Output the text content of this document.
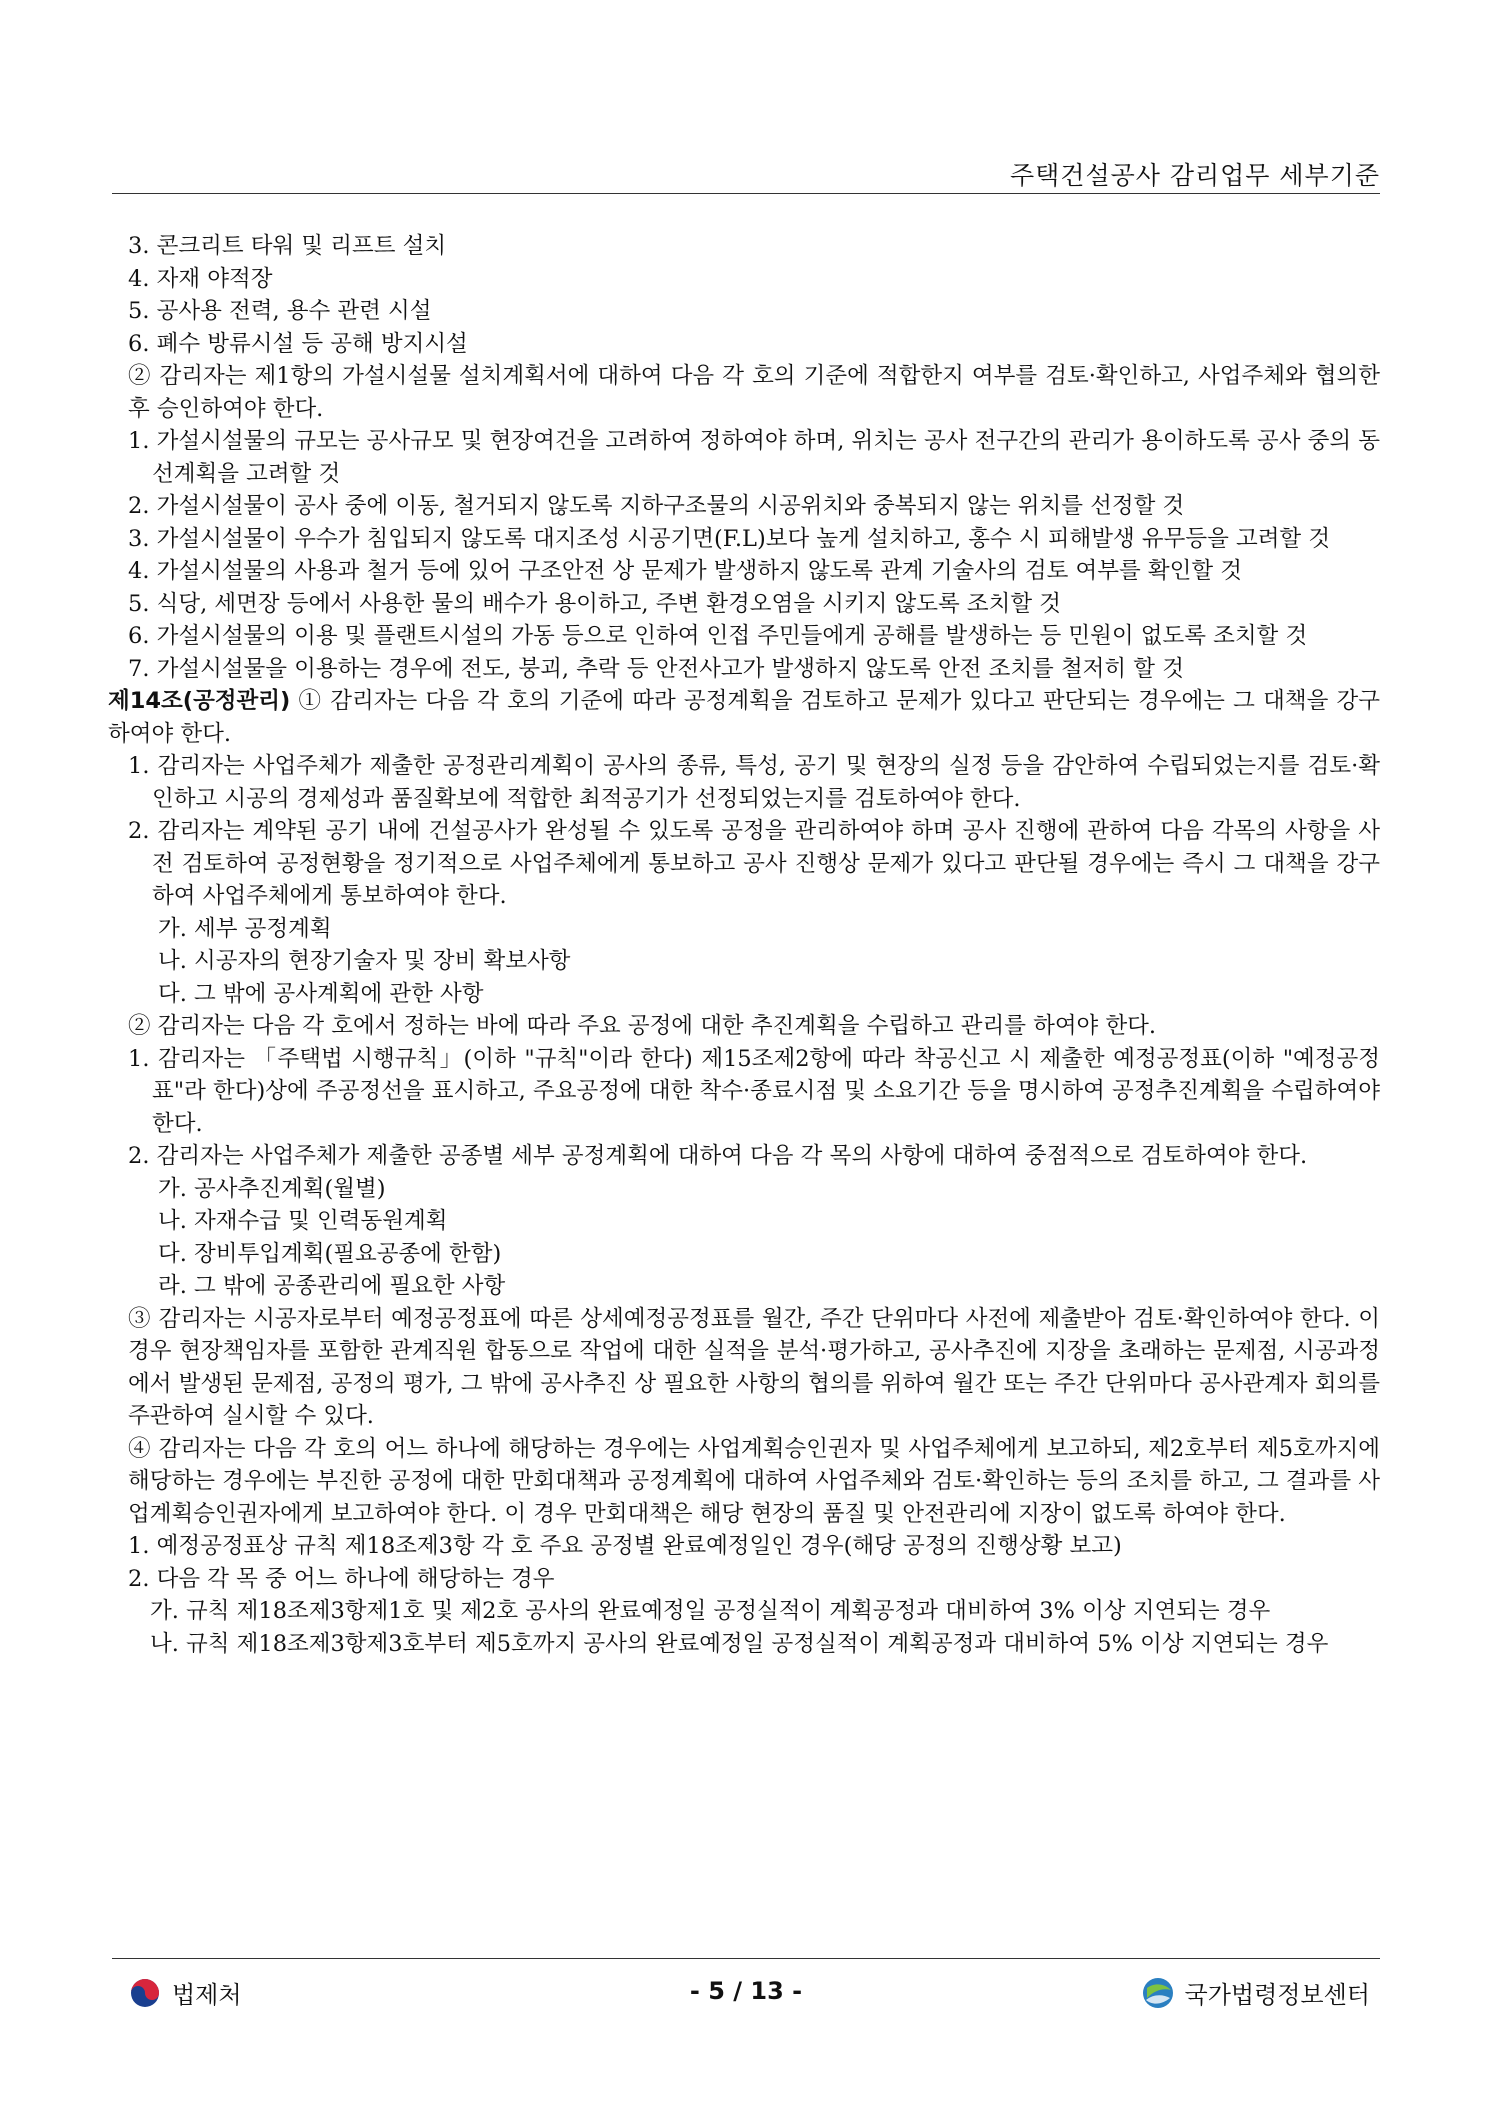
주택건설공사 감리업무 세부기준

3. 콘크리트 타워 및 리프트 설치

4. 자재 야적장

5. 공사용 전력, 용수 관련 시설

6. 폐수 방류시설 등 공해 방지시설

② 감리자는 제1항의 가설시설물 설치계획서에 대하여 다음 각 호의 기준에 적합한지 여부를 검토·확인하고, 사업주체와 협의한 후 승인하여야 한다.

1. 가설시설물의 규모는 공사규모 및 현장여건을 고려하여 정하여야 하며, 위치는 공사 전구간의 관리가 용이하도록 공사 중의 동선계획을 고려할 것

2. 가설시설물이 공사 중에 이동, 철거되지 않도록 지하구조물의 시공위치와 중복되지 않는 위치를 선정할 것

3. 가설시설물이 우수가 침입되지 않도록 대지조성 시공기면(F.L)보다 높게 설치하고, 홍수 시 피해발생 유무등을 고려할 것

4. 가설시설물의 사용과 철거 등에 있어 구조안전 상 문제가 발생하지 않도록 관계 기술사의 검토 여부를 확인할 것

5. 식당, 세면장 등에서 사용한 물의 배수가 용이하고, 주변 환경오염을 시키지 않도록 조치할 것

6. 가설시설물의 이용 및 플랜트시설의 가동 등으로 인하여 인접 주민들에게 공해를 발생하는 등 민원이 없도록 조치할 것

7. 가설시설물을 이용하는 경우에 전도, 붕괴, 추락 등 안전사고가 발생하지 않도록 안전 조치를 철저히 할 것

제14조(공정관리) ① 감리자는 다음 각 호의 기준에 따라 공정계획을 검토하고 문제가 있다고 판단되는 경우에는 그 대책을 강구하여야 한다.

1. 감리자는 사업주체가 제출한 공정관리계획이 공사의 종류, 특성, 공기 및 현장의 실정 등을 감안하여 수립되었는지를 검토·확인하고 시공의 경제성과 품질확보에 적합한 최적공기가 선정되었는지를 검토하여야 한다.

2. 감리자는 계약된 공기 내에 건설공사가 완성될 수 있도록 공정을 관리하여야 하며 공사 진행에 관하여 다음 각목의 사항을 사전 검토하여 공정현황을 정기적으로 사업주체에게 통보하고 공사 진행상 문제가 있다고 판단될 경우에는 즉시 그 대책을 강구하여 사업주체에게 통보하여야 한다.

가. 세부 공정계획

나. 시공자의 현장기술자 및 장비 확보사항

다. 그 밖에 공사계획에 관한 사항

② 감리자는 다음 각 호에서 정하는 바에 따라 주요 공정에 대한 추진계획을 수립하고 관리를 하여야 한다.

1. 감리자는 「주택법 시행규칙」(이하 "규칙"이라 한다) 제15조제2항에 따라 착공신고 시 제출한 예정공정표(이하 "예정공정표"라 한다)상에 주공정선을 표시하고, 주요공정에 대한 착수·종료시점 및 소요기간 등을 명시하여 공정추진계획을 수립하여야 한다.

2. 감리자는 사업주체가 제출한 공종별 세부 공정계획에 대하여 다음 각 목의 사항에 대하여 중점적으로 검토하여야 한다.

가. 공사추진계획(월별)

나. 자재수급 및 인력동원계획

다. 장비투입계획(필요공종에 한함)

라. 그 밖에 공종관리에 필요한 사항

③ 감리자는 시공자로부터 예정공정표에 따른 상세예정공정표를 월간, 주간 단위마다 사전에 제출받아 검토·확인하여야 한다. 이 경우 현장책임자를 포함한 관계직원 합동으로 작업에 대한 실적을 분석·평가하고, 공사추진에 지장을 초래하는 문제점, 시공과정에서 발생된 문제점, 공정의 평가, 그 밖에 공사추진 상 필요한 사항의 협의를 위하여 월간 또는 주간 단위마다 공사관계자 회의를 주관하여 실시할 수 있다.

④ 감리자는 다음 각 호의 어느 하나에 해당하는 경우에는 사업계획승인권자 및 사업주체에게 보고하되, 제2호부터 제5호까지에 해당하는 경우에는 부진한 공정에 대한 만회대책과 공정계획에 대하여 사업주체와 검토·확인하는 등의 조치를 하고, 그 결과를 사업계획승인권자에게 보고하여야 한다. 이 경우 만회대책은 해당 현장의 품질 및 안전관리에 지장이 없도록 하여야 한다.

1. 예정공정표상 규칙 제18조제3항 각 호 주요 공정별 완료예정일인 경우(해당 공정의 진행상황 보고)

2. 다음 각 목 중 어느 하나에 해당하는 경우

가. 규칙 제18조제3항제1호 및 제2호 공사의 완료예정일 공정실적이 계획공정과 대비하여 3% 이상 지연되는 경우

나. 규칙 제18조제3항제3호부터 제5호까지 공사의 완료예정일 공정실적이 계획공정과 대비하여 5% 이상 지연되는 경우

법제처	- 5 / 13 -	국가법령정보센터
